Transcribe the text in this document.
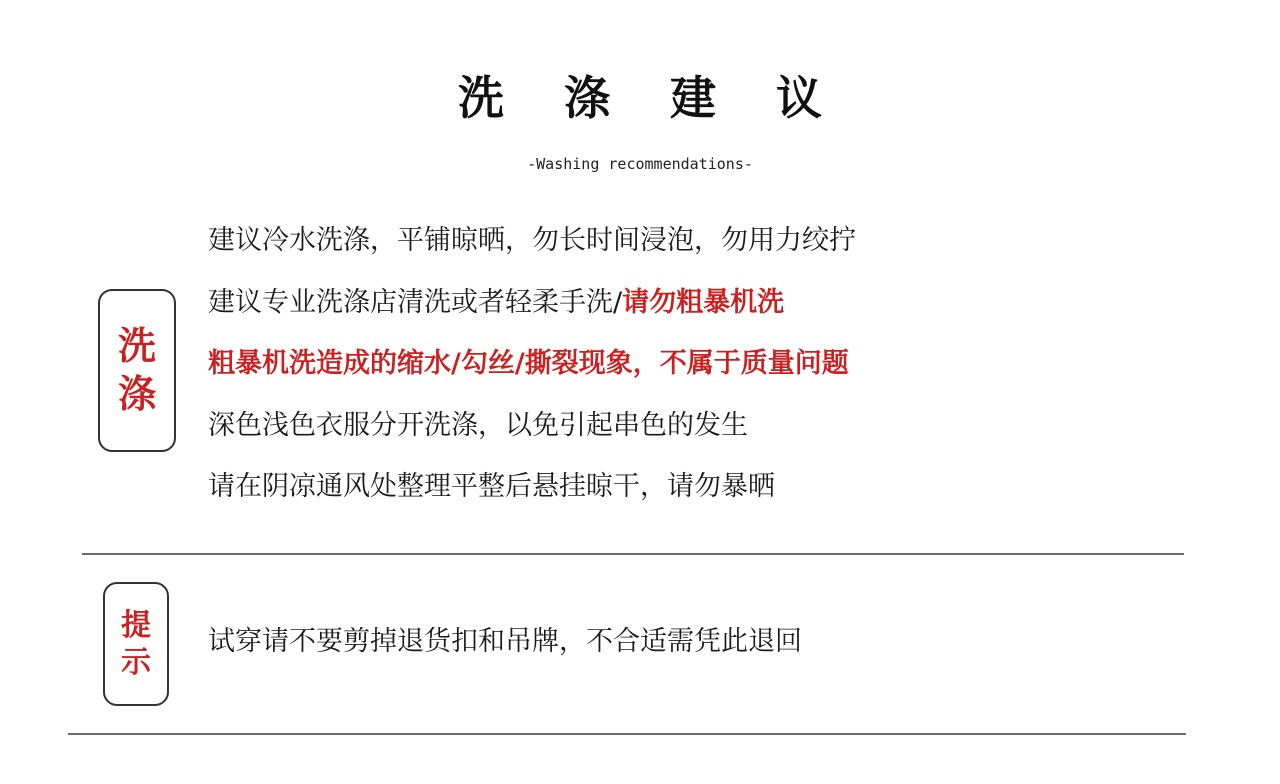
洗 涤 建 议
-Washing recommendations-
洗
涤
建议冷水洗涤，平铺晾晒，勿长时间浸泡，勿用力绞拧
建议专业洗涤店清洗或者轻柔手洗/请勿粗暴机洗
粗暴机洗造成的缩水/勾丝/撕裂现象，不属于质量问题
深色浅色衣服分开洗涤，以免引起串色的发生
请在阴凉通风处整理平整后悬挂晾干，请勿暴晒
提
示
试穿请不要剪掉退货扣和吊牌，不合适需凭此退回
